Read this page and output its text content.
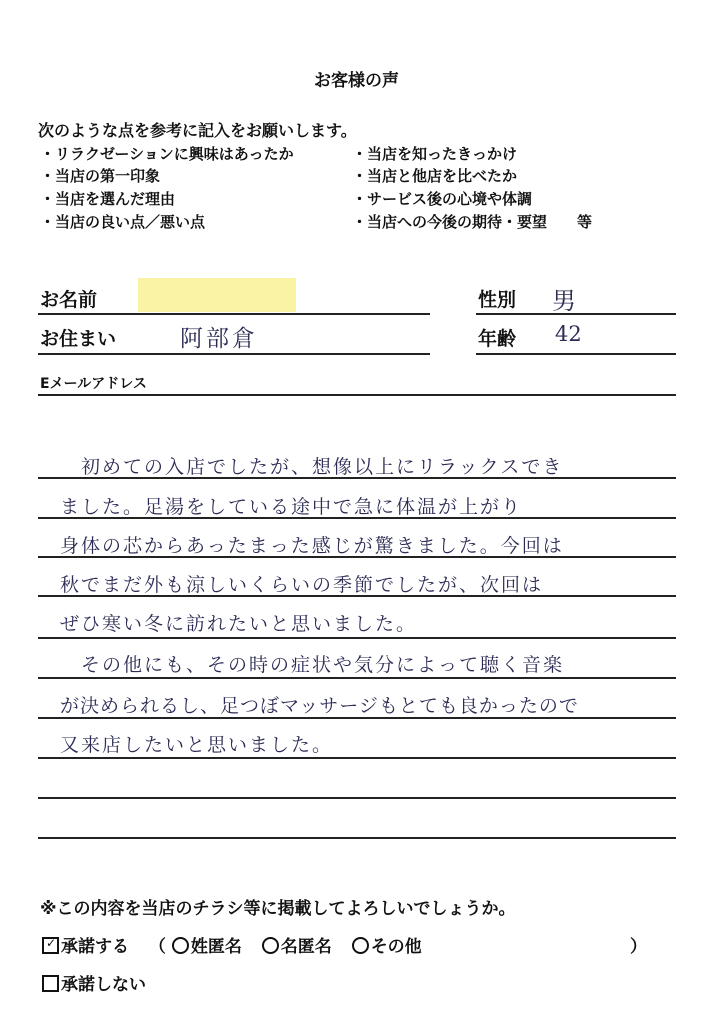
お客様の声
次のような点を参考に記入をお願いします。
・リラクゼーションに興味はあったか
・当店の第一印象
・当店を選んだ理由
・当店の良い点／悪い点
・当店を知ったきっかけ
・当店と他店を比べたか
・サービス後の心境や体調
・当店への今後の期待・要望　　等
お名前	性別 男
お住まい	阿部倉	年齢 42
Eメールアドレス
　初めての入店でしたが、想像以上にリラックスでき
ました。足湯をしている途中で急に体温が上がり
身体の芯からあったまった感じが驚きました。今回は
秋でまだ外も涼しいくらいの季節でしたが、次回は
ぜひ寒い冬に訪れたいと思いました。
　その他にも、その時の症状や気分によって聴く音楽
が決められるし、足つぼマッサージもとても良かったので
又来店したいと思いました。
※この内容を当店のチラシ等に掲載してよろしいでしょうか。
✓ 承諾する （ 姓匿名 名匿名 その他	）
承諾しない
